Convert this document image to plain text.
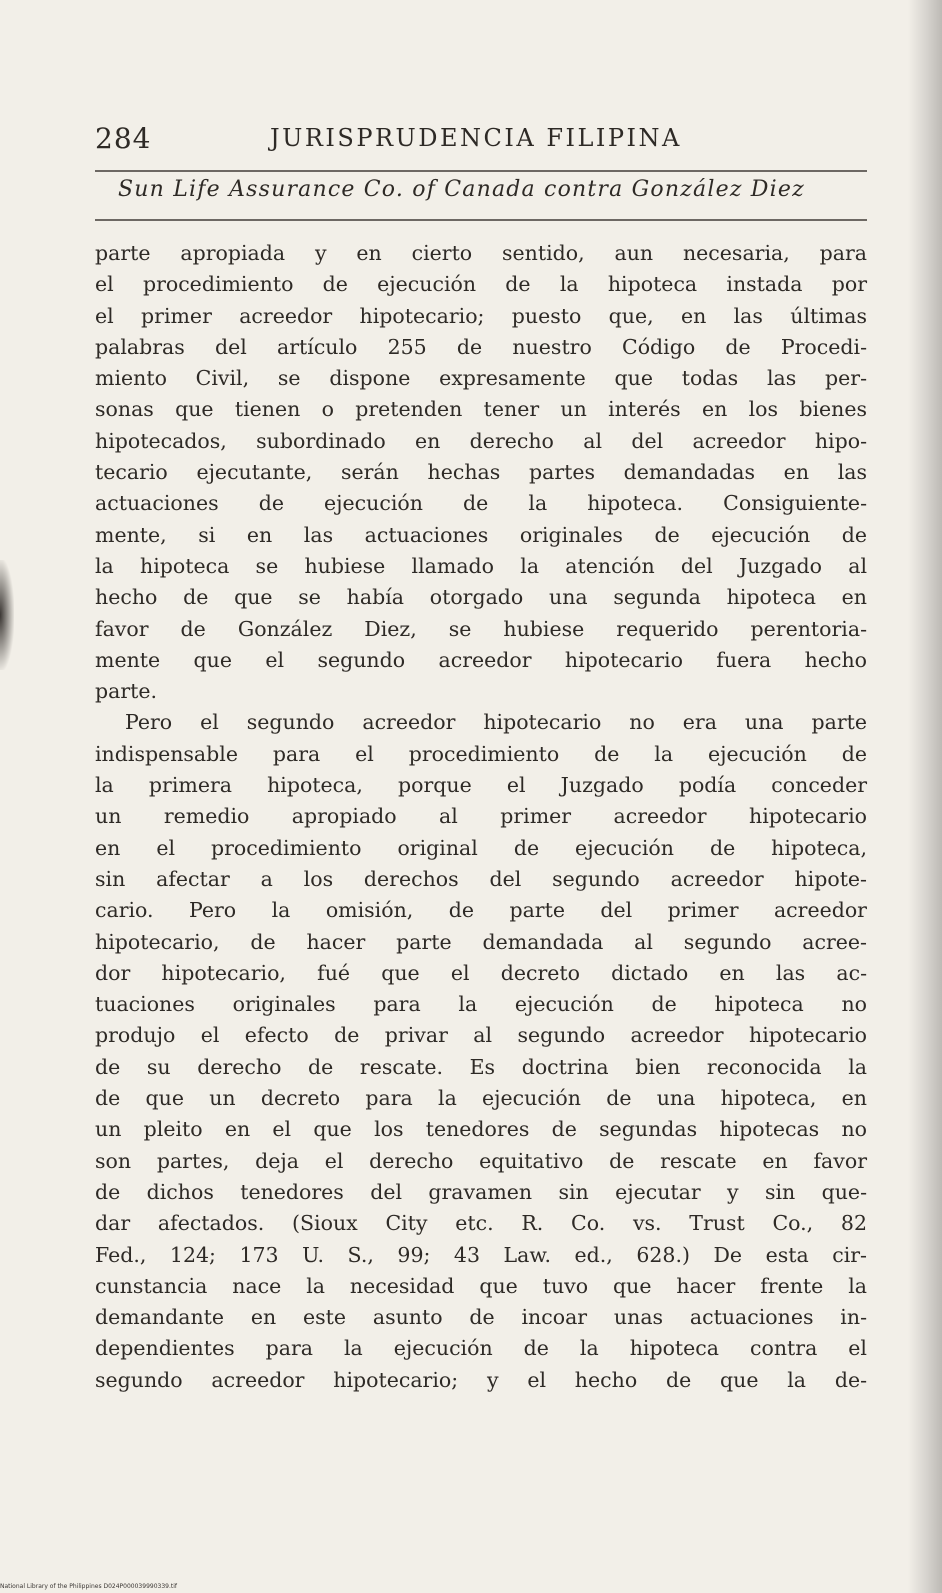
284	JURISPRUDENCIA FILIPINA
Sun Life Assurance Co. of Canada contra González Diez
parte apropiada y en cierto sentido, aun necesaria, para
el procedimiento de ejecución de la hipoteca instada por
el primer acreedor hipotecario; puesto que, en las últimas
palabras del artículo 255 de nuestro Código de Procedi-
miento Civil, se dispone expresamente que todas las per-
sonas que tienen o pretenden tener un interés en los bienes
hipotecados, subordinado en derecho al del acreedor hipo-
tecario ejecutante, serán hechas partes demandadas en las
actuaciones de ejecución de la hipoteca. Consiguiente-
mente, si en las actuaciones originales de ejecución de
la hipoteca se hubiese llamado la atención del Juzgado al
hecho de que se había otorgado una segunda hipoteca en
favor de González Diez, se hubiese requerido perentoria-
mente que el segundo acreedor hipotecario fuera hecho
parte.
Pero el segundo acreedor hipotecario no era una parte
indispensable para el procedimiento de la ejecución de
la primera hipoteca, porque el Juzgado podía conceder
un remedio apropiado al primer acreedor hipotecario
en el procedimiento original de ejecución de hipoteca,
sin afectar a los derechos del segundo acreedor hipote-
cario. Pero la omisión, de parte del primer acreedor
hipotecario, de hacer parte demandada al segundo acree-
dor hipotecario, fué que el decreto dictado en las ac-
tuaciones originales para la ejecución de hipoteca no
produjo el efecto de privar al segundo acreedor hipotecario
de su derecho de rescate. Es doctrina bien reconocida la
de que un decreto para la ejecución de una hipoteca, en
un pleito en el que los tenedores de segundas hipotecas no
son partes, deja el derecho equitativo de rescate en favor
de dichos tenedores del gravamen sin ejecutar y sin que-
dar afectados. (Sioux City etc. R. Co. vs. Trust Co., 82
Fed., 124; 173 U. S., 99; 43 Law. ed., 628.) De esta cir-
cunstancia nace la necesidad que tuvo que hacer frente la
demandante en este asunto de incoar unas actuaciones in-
dependientes para la ejecución de la hipoteca contra el
segundo acreedor hipotecario; y el hecho de que la de-
National Library of the Philippines D024P000039990339.tif
